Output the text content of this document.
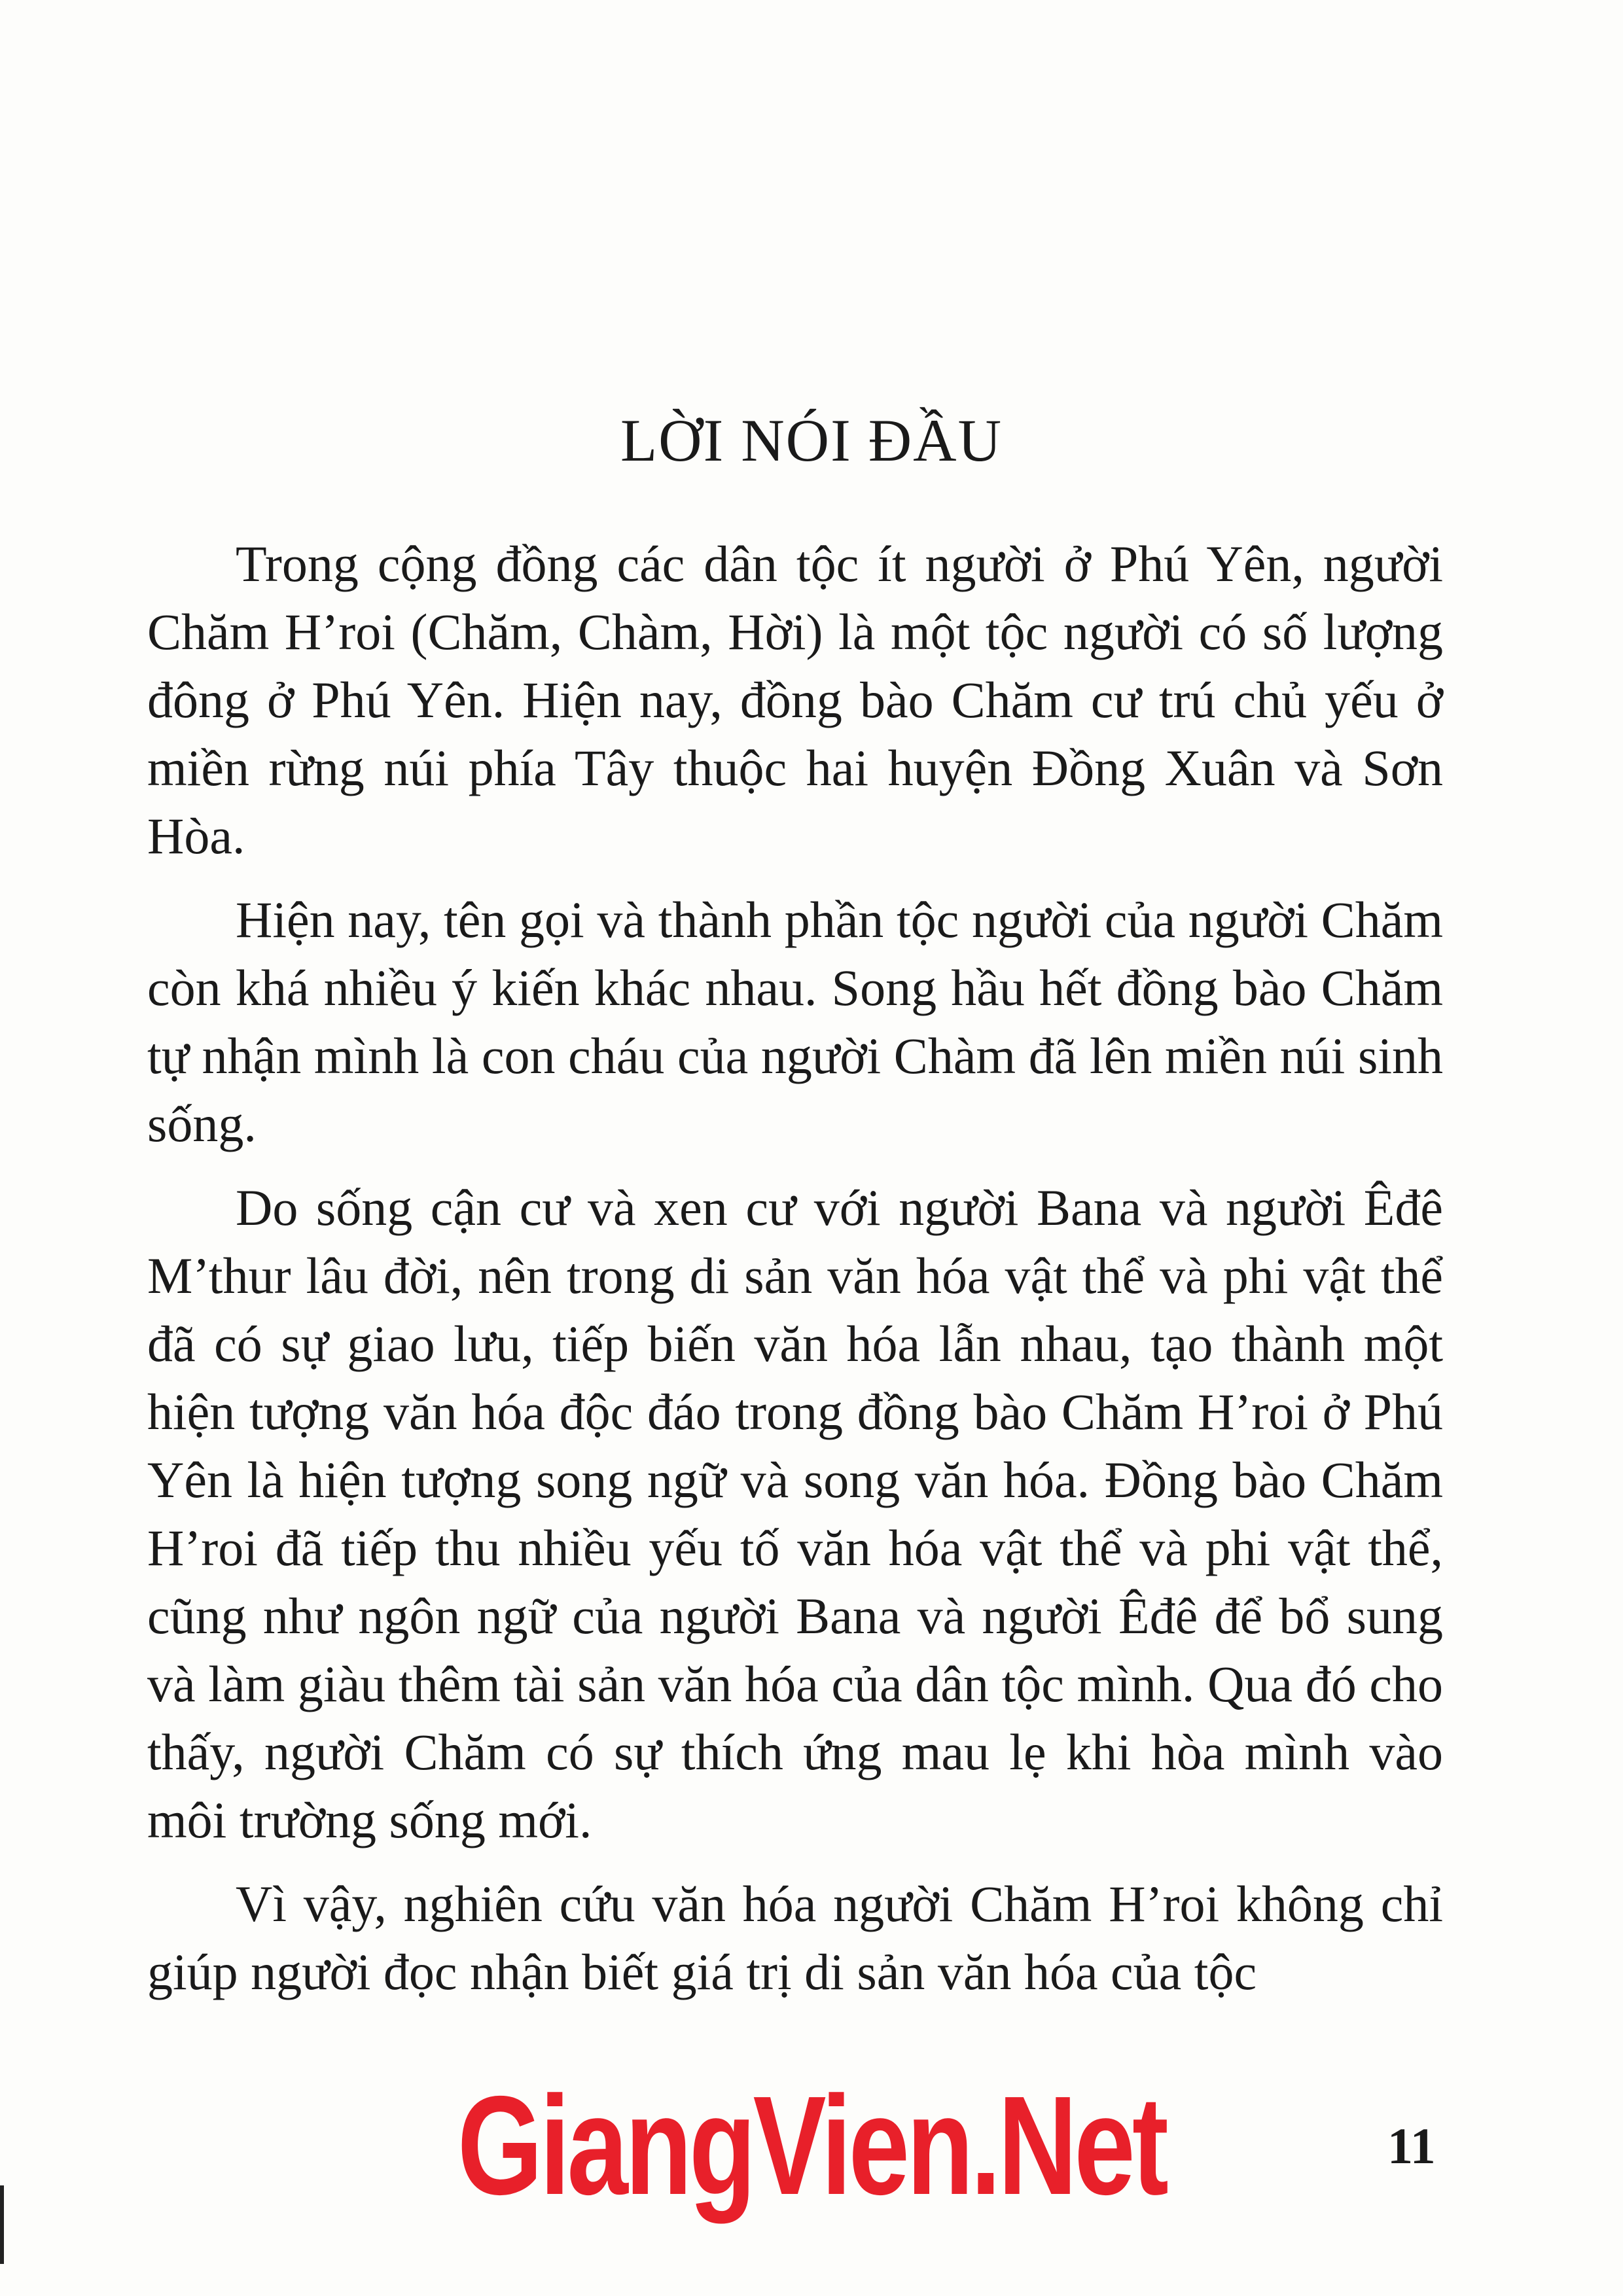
LỜI NÓI ĐẦU

Trong cộng đồng các dân tộc ít người ở Phú Yên, người Chăm H’roi (Chăm, Chàm, Hời) là một tộc người có số lượng đông ở Phú Yên. Hiện nay, đồng bào Chăm cư trú chủ yếu ở miền rừng núi phía Tây thuộc hai huyện Đồng Xuân và Sơn Hòa.

Hiện nay, tên gọi và thành phần tộc người của người Chăm còn khá nhiều ý kiến khác nhau. Song hầu hết đồng bào Chăm tự nhận mình là con cháu của người Chàm đã lên miền núi sinh sống.

Do sống cận cư và xen cư với người Bana và người Êđê M’thur lâu đời, nên trong di sản văn hóa vật thể và phi vật thể đã có sự giao lưu, tiếp biến văn hóa lẫn nhau, tạo thành một hiện tượng văn hóa độc đáo trong đồng bào Chăm H’roi ở Phú Yên là hiện tượng song ngữ và song văn hóa. Đồng bào Chăm H’roi đã tiếp thu nhiều yếu tố văn hóa vật thể và phi vật thể, cũng như ngôn ngữ của người Bana và người Êđê để bổ sung và làm giàu thêm tài sản văn hóa của dân tộc mình. Qua đó cho thấy, người Chăm có sự thích ứng mau lẹ khi hòa mình vào môi trường sống mới.

Vì vậy, nghiên cứu văn hóa người Chăm H’roi không chỉ giúp người đọc nhận biết giá trị di sản văn hóa của tộc

GiangVien.Net	11
